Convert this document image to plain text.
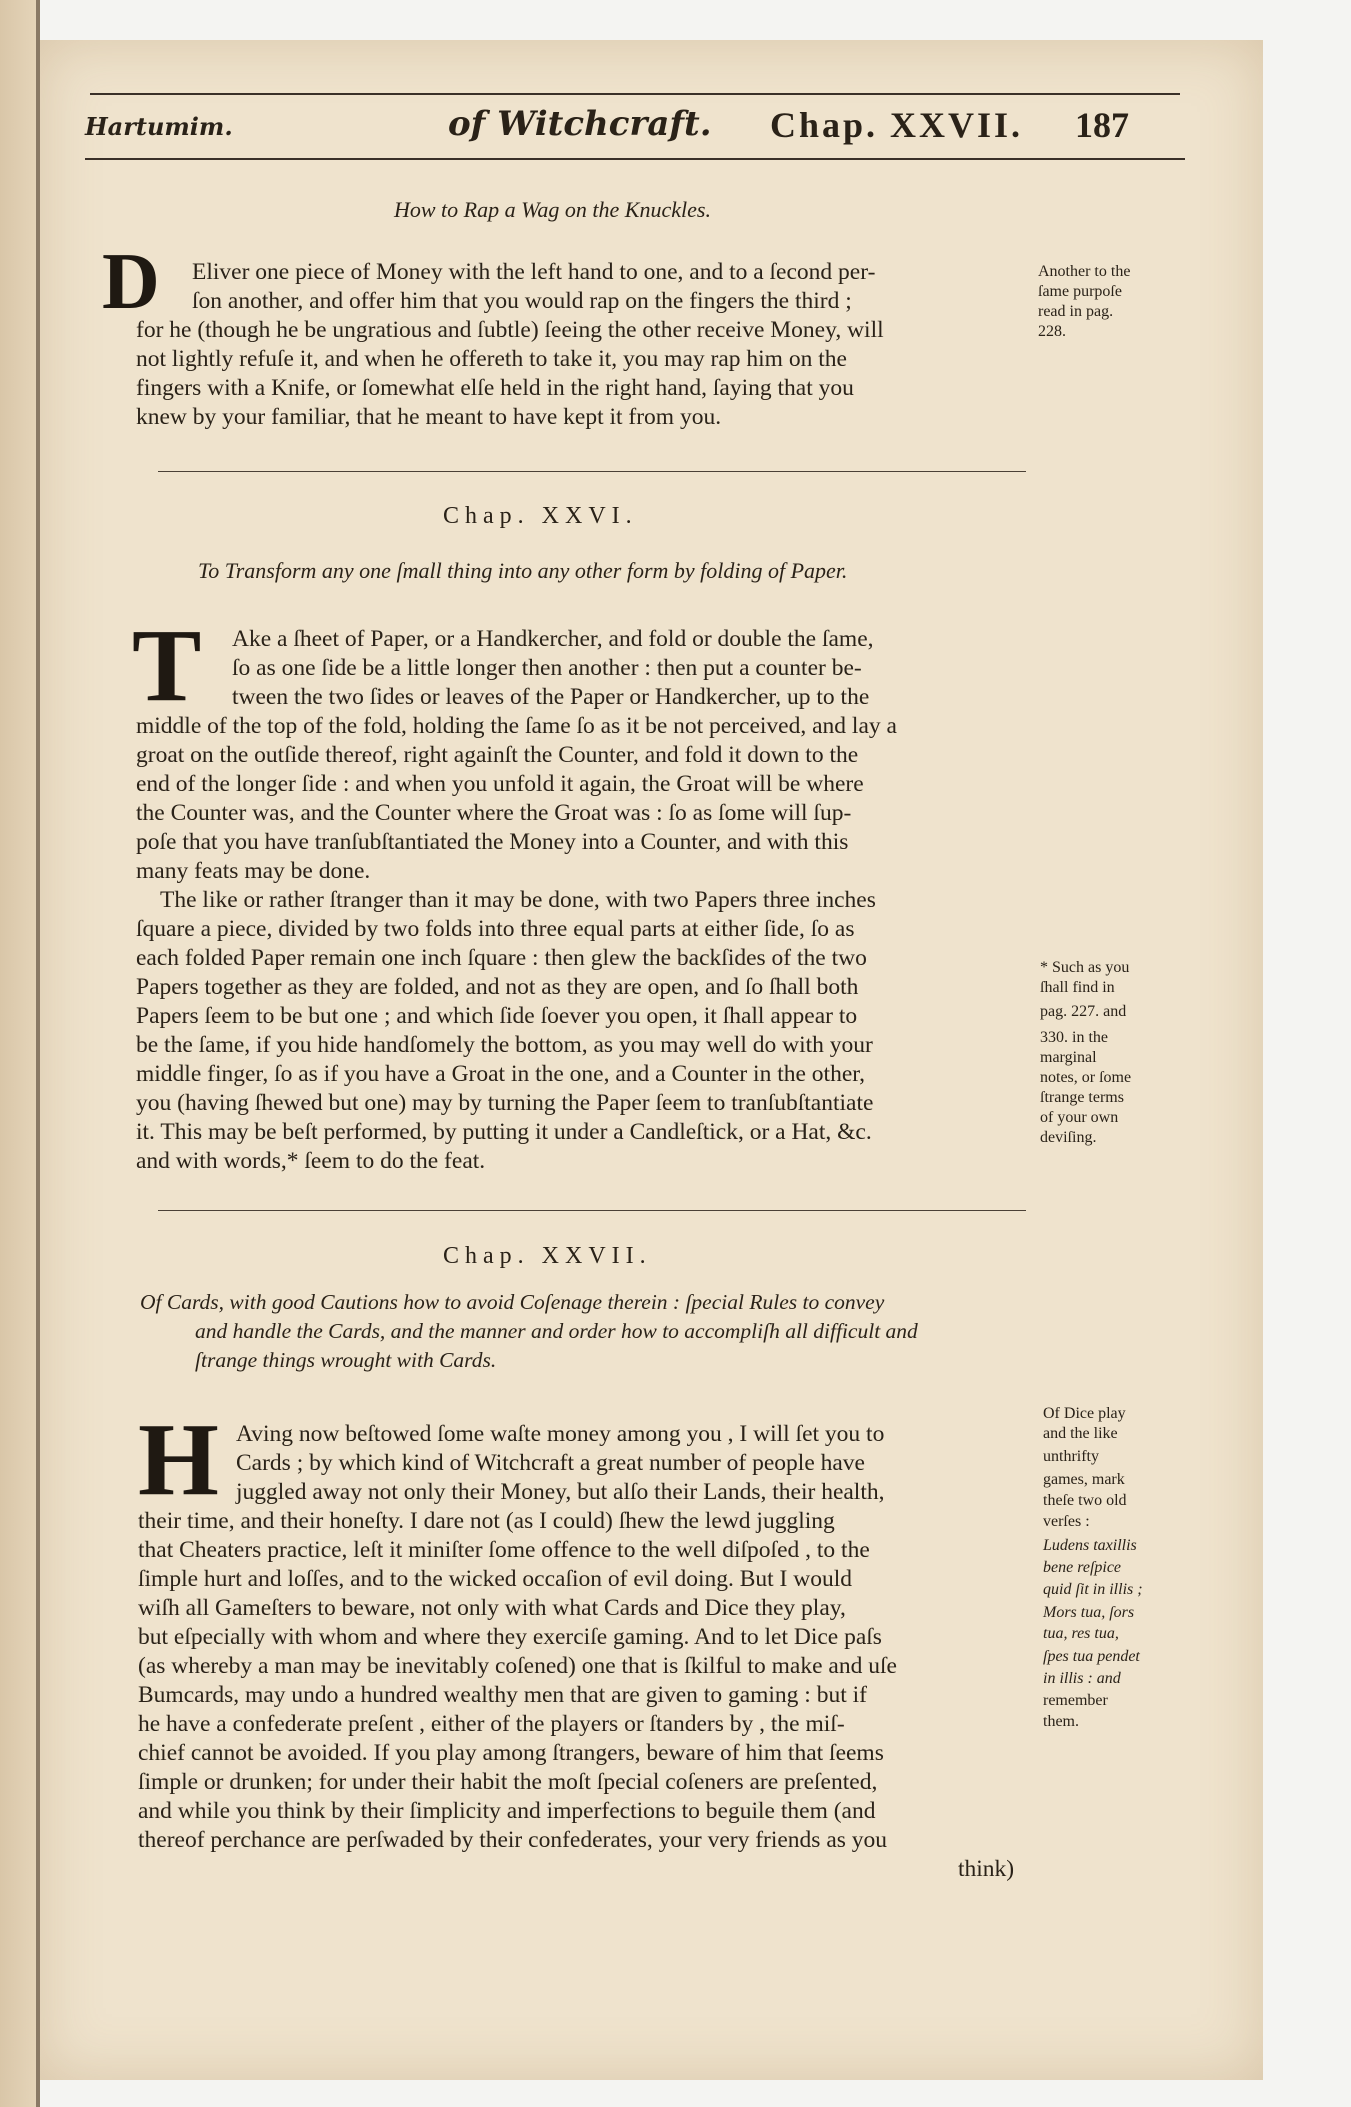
Hartumim.	of Witchcraft. Chap. XXVII. 187
How to Rap a Wag on the Knuckles.
D Eliver one piece of Money with the left hand to one, and to a ſecond per-
ſon another, and offer him that you would rap on the fingers the third ;
for he (though he be ungratious and ſubtle) ſeeing the other receive Money, will
not lightly refuſe it, and when he offereth to take it, you may rap him on the
fingers with a Knife, or ſomewhat elſe held in the right hand, ſaying that you
knew by your familiar, that he meant to have kept it from you.
Another to the
ſame purpoſe
read in pag.
228.
Chap. XXVI.
To Transform any one ſmall thing into any other form by folding of Paper.
T Ake a ſheet of Paper, or a Handkercher, and fold or double the ſame,
ſo as one ſide be a little longer then another : then put a counter be-
tween the two ſides or leaves of the Paper or Handkercher, up to the
middle of the top of the fold, holding the ſame ſo as it be not perceived, and lay a
groat on the outſide thereof, right againſt the Counter, and fold it down to the
end of the longer ſide : and when you unfold it again, the Groat will be where
the Counter was, and the Counter where the Groat was : ſo as ſome will ſup-
poſe that you have tranſubſtantiated the Money into a Counter, and with this
many feats may be done.
The like or rather ſtranger than it may be done, with two Papers three inches
ſquare a piece, divided by two folds into three equal parts at either ſide, ſo as
each folded Paper remain one inch ſquare : then glew the backſides of the two
Papers together as they are folded, and not as they are open, and ſo ſhall both
Papers ſeem to be but one ; and which ſide ſoever you open, it ſhall appear to
be the ſame, if you hide handſomely the bottom, as you may well do with your
middle finger, ſo as if you have a Groat in the one, and a Counter in the other,
you (having ſhewed but one) may by turning the Paper ſeem to tranſubſtantiate
it. This may be beſt performed, by putting it under a Candleſtick, or a Hat, &c.
and with words,* ſeem to do the feat.
* Such as you
ſhall find in
pag. 227. and
330. in the
marginal
notes, or ſome
ſtrange terms
of your own
deviſing.
Chap. XXVII.
Of Cards, with good Cautions how to avoid Coſenage therein : ſpecial Rules to convey
and handle the Cards, and the manner and order how to accompliſh all difficult and
ſtrange things wrought with Cards.
H Aving now beſtowed ſome waſte money among you , I will ſet you to
Cards ; by which kind of Witchcraft a great number of people have
juggled away not only their Money, but alſo their Lands, their health,
their time, and their honeſty. I dare not (as I could) ſhew the lewd juggling
that Cheaters practice, leſt it miniſter ſome offence to the well diſpoſed , to the
ſimple hurt and loſſes, and to the wicked occaſion of evil doing. But I would
wiſh all Gameſters to beware, not only with what Cards and Dice they play,
but eſpecially with whom and where they exerciſe gaming. And to let Dice paſs
(as whereby a man may be inevitably coſened) one that is ſkilful to make and uſe
Bumcards, may undo a hundred wealthy men that are given to gaming : but if
he have a confederate preſent , either of the players or ſtanders by , the miſ-
chief cannot be avoided. If you play among ſtrangers, beware of him that ſeems
ſimple or drunken; for under their habit the moſt ſpecial coſeners are preſented,
and while you think by their ſimplicity and imperfections to beguile them (and
thereof perchance are perſwaded by their confederates, your very friends as you
think)
Of Dice play
and the like
unthrifty
games, mark
theſe two old
verſes :
Ludens taxillis
bene reſpice
quid ſit in illis ;
Mors tua, ſors
tua, res tua,
ſpes tua pendet
in illis : and
remember
them.
